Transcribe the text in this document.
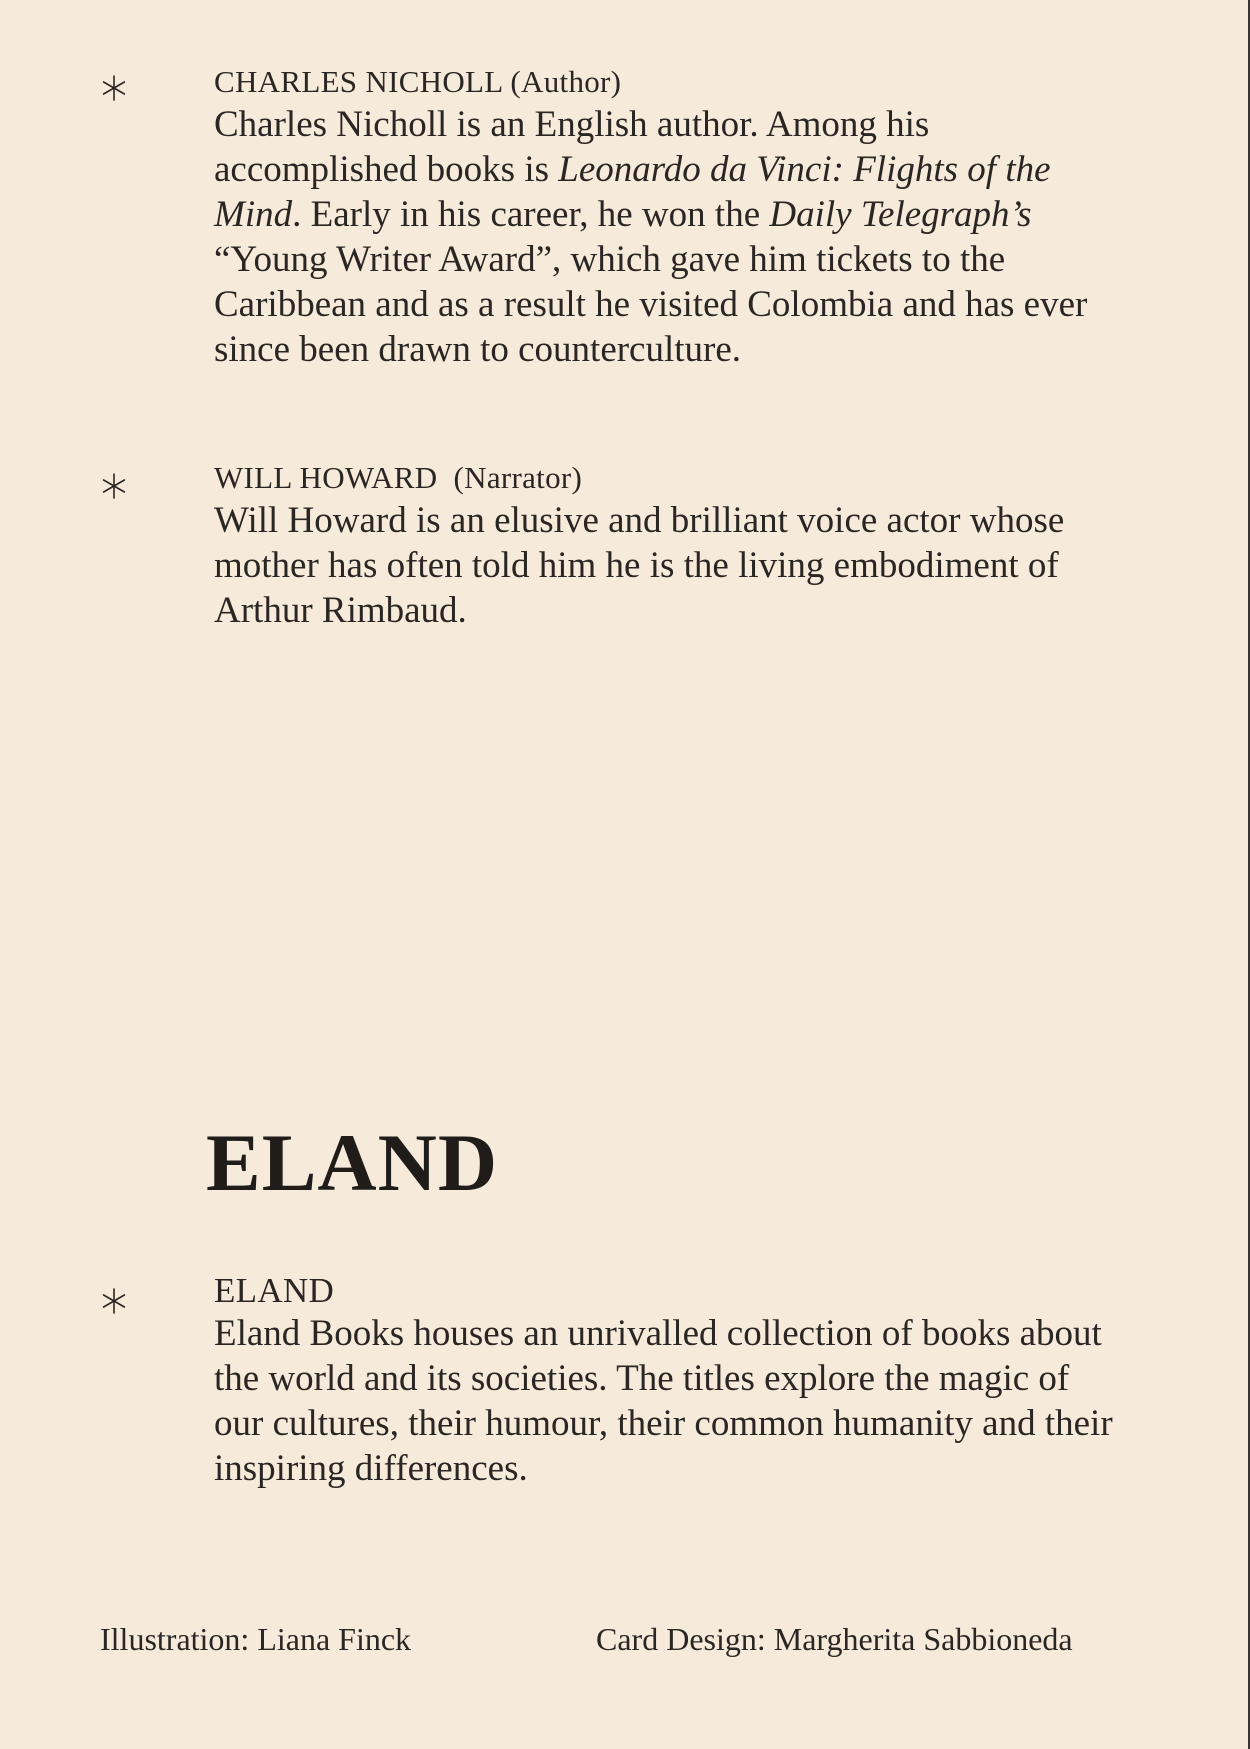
CHARLES NICHOLL (Author)
Charles Nicholl is an English author. Among his accomplished books is Leonardo da Vinci: Flights of the Mind. Early in his career, he won the Daily Telegraph’s “Young Writer Award”, which gave him tickets to the Caribbean and as a result he visited Colombia and has ever since been drawn to counterculture.
WILL HOWARD  (Narrator)
Will Howard is an elusive and brilliant voice actor whose mother has often told him he is the living embodiment of Arthur Rimbaud.
ELAND
ELAND
Eland Books houses an unrivalled collection of books about the world and its societies. The titles explore the magic of our cultures, their humour, their common humanity and their inspiring differences.
Illustration: Liana Finck	Card Design: Margherita Sabbioneda
